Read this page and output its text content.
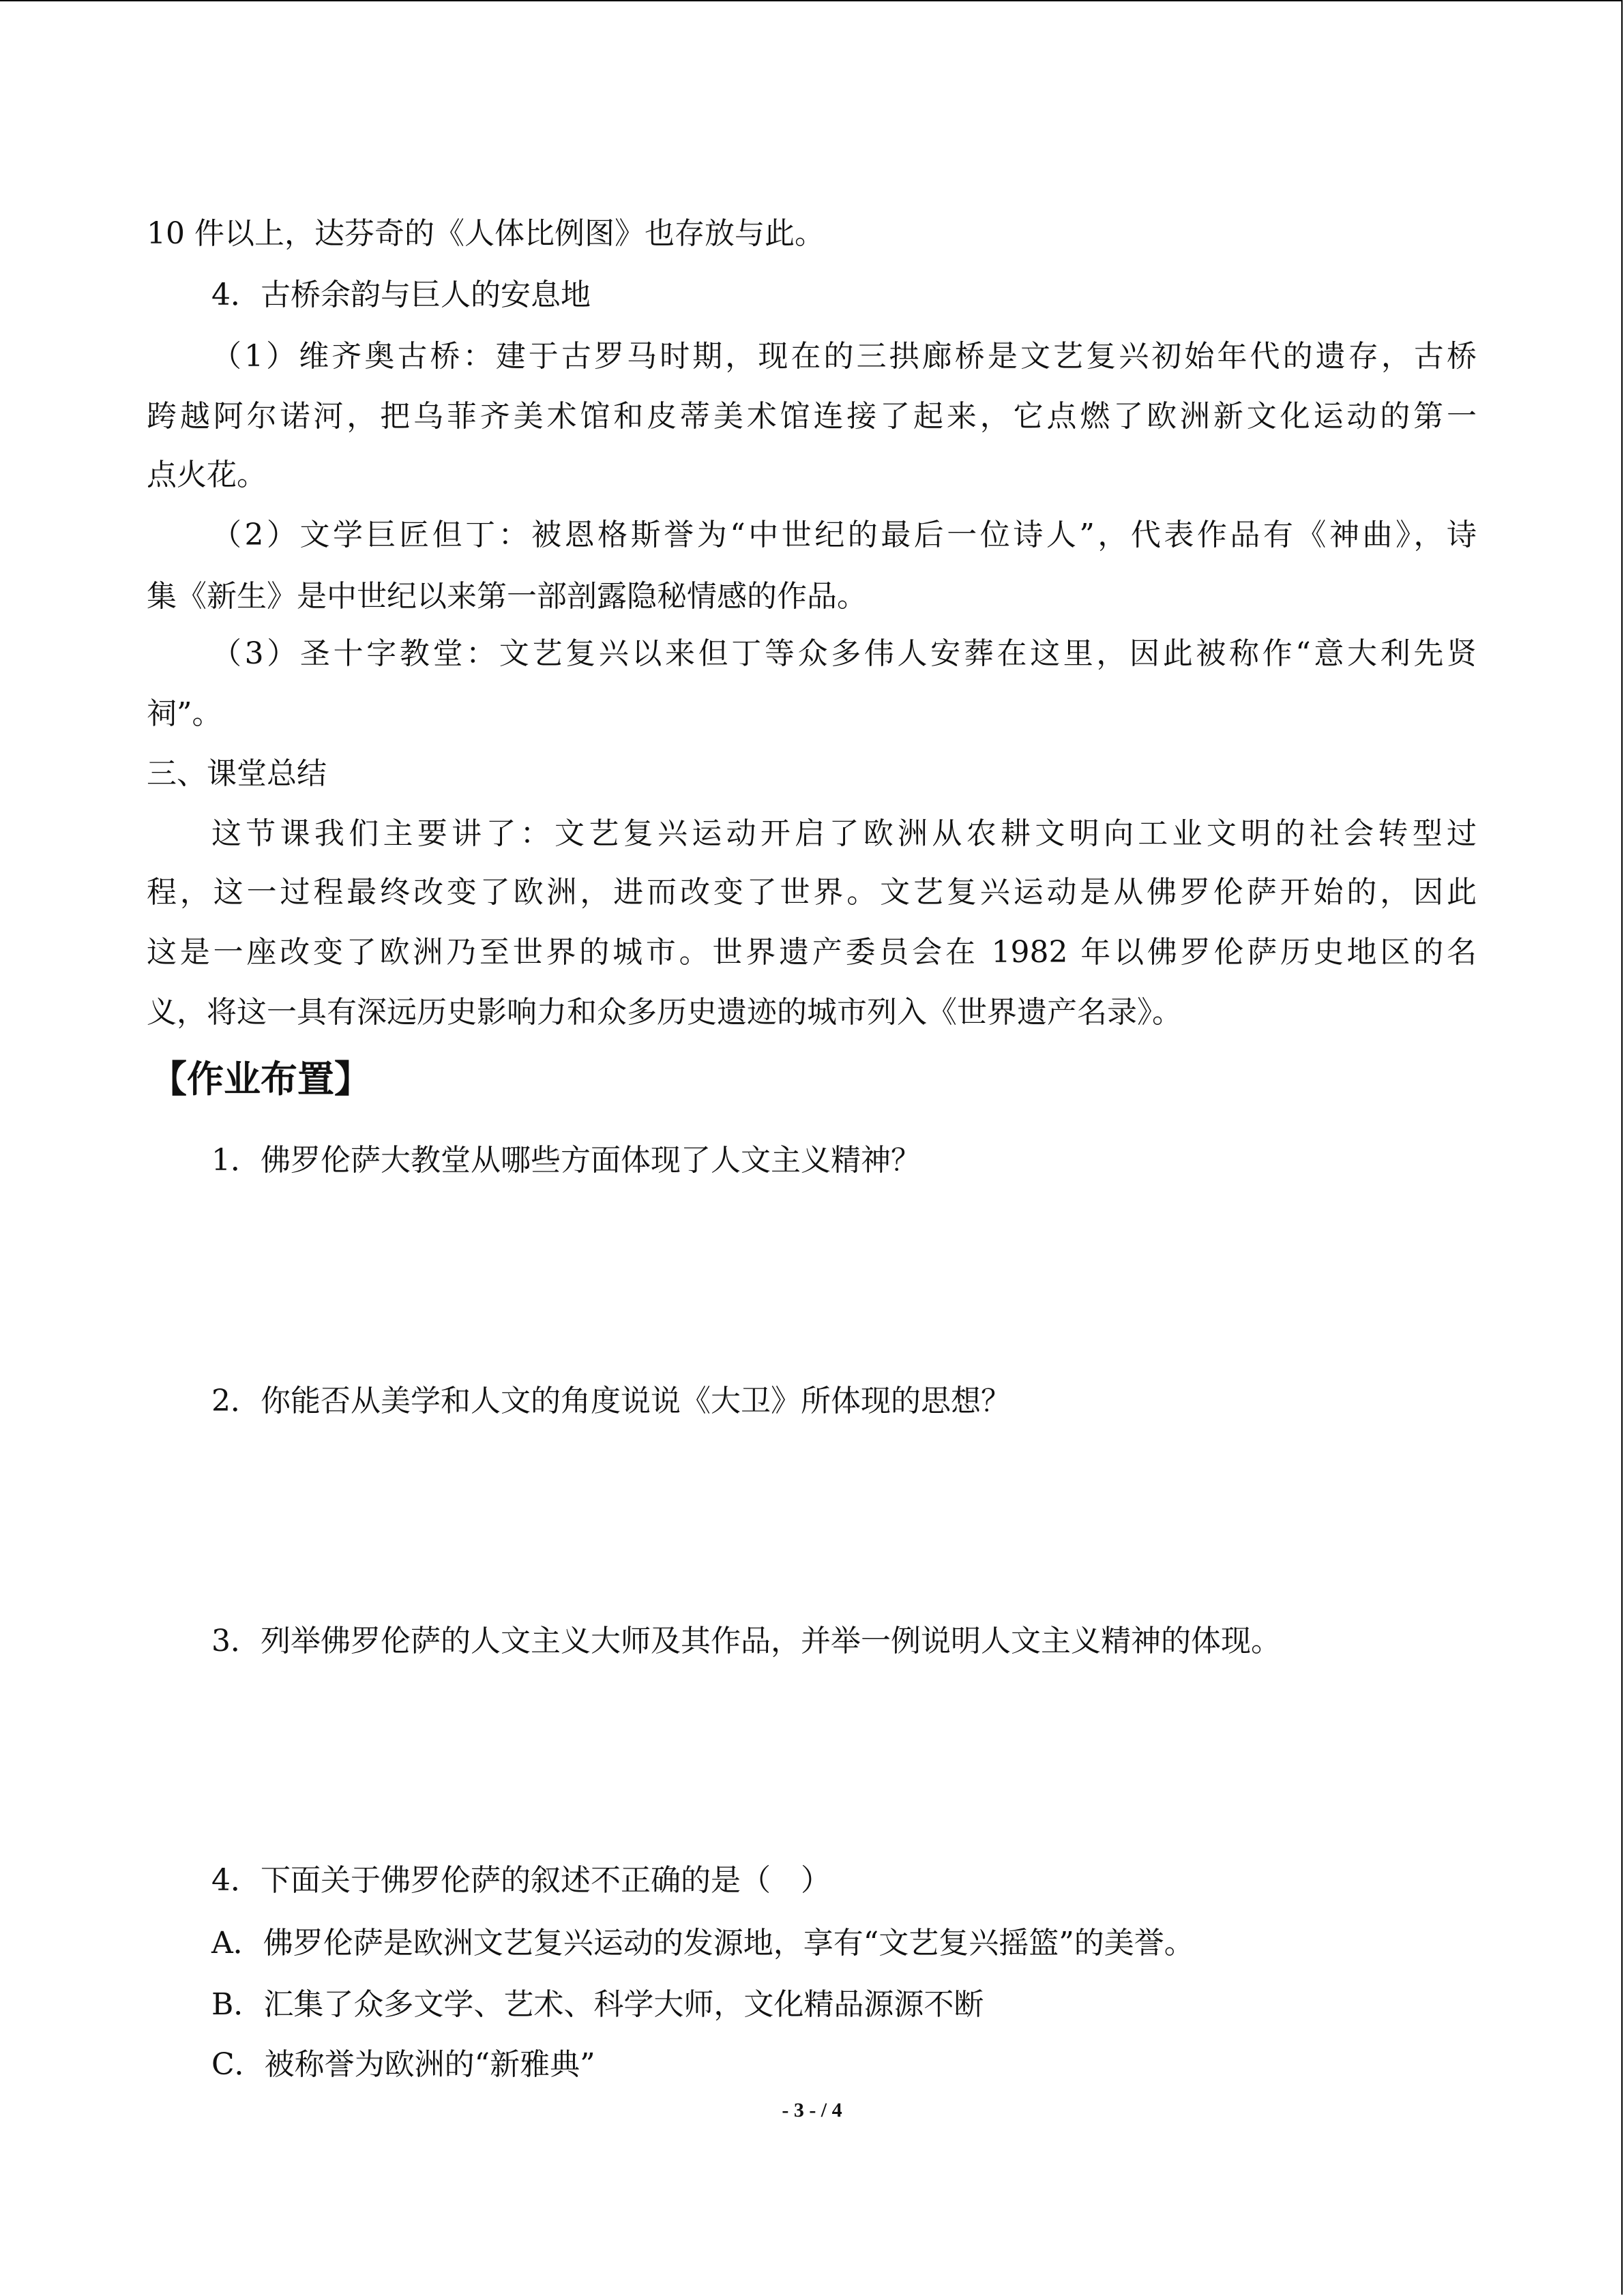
10 件以上，达芬奇的《人体比例图》也存放与此。
4．古桥余韵与巨人的安息地
（1）维齐奥古桥：建于古罗马时期，现在的三拱廊桥是文艺复兴初始年代的遗存，古桥
跨越阿尔诺河，把乌菲齐美术馆和皮蒂美术馆连接了起来，它点燃了欧洲新文化运动的第一
点火花。
（2）文学巨匠但丁：被恩格斯誉为“中世纪的最后一位诗人”，代表作品有《神曲》，诗
集《新生》是中世纪以来第一部剖露隐秘情感的作品。
（3）圣十字教堂：文艺复兴以来但丁等众多伟人安葬在这里，因此被称作“意大利先贤
祠”。
三、课堂总结
这节课我们主要讲了：文艺复兴运动开启了欧洲从农耕文明向工业文明的社会转型过
程，这一过程最终改变了欧洲，进而改变了世界。文艺复兴运动是从佛罗伦萨开始的，因此
这是一座改变了欧洲乃至世界的城市。世界遗产委员会在 1982 年以佛罗伦萨历史地区的名
义，将这一具有深远历史影响力和众多历史遗迹的城市列入《世界遗产名录》。
【作业布置】
1．佛罗伦萨大教堂从哪些方面体现了人文主义精神？
2．你能否从美学和人文的角度说说《大卫》所体现的思想？
3．列举佛罗伦萨的人文主义大师及其作品，并举一例说明人文主义精神的体现。
4．下面关于佛罗伦萨的叙述不正确的是（　）
A．佛罗伦萨是欧洲文艺复兴运动的发源地，享有“文艺复兴摇篮”的美誉。
B．汇集了众多文学、艺术、科学大师，文化精品源源不断
C．被称誉为欧洲的“新雅典”
- 3 - / 4
